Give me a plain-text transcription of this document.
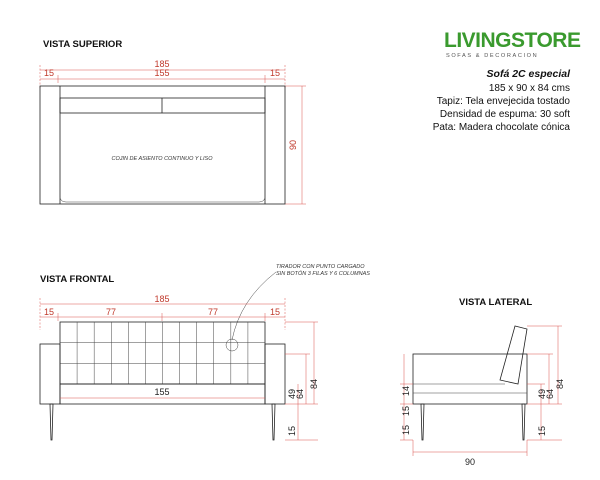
LIVINGSTORE
SOFAS & DECORACION
Sofá 2C especial
185 x 90 x 84 cms
Tapiz: Tela envejecida tostado
Densidad de espuma: 30 soft
Pata: Madera chocolate cónica
VISTA SUPERIOR
185
15	155	15
90
COJIN DE ASIENTO CONTINUO Y LISO
VISTA FRONTAL
TIRADOR CON PUNTO CARGADO
SIN BOTÓN 3 FILAS Y 6 COLUMNAS
185
15	77	77	15
155	49
64
84
15
VISTA LATERAL
15
15
14	49
64
84
15
90
